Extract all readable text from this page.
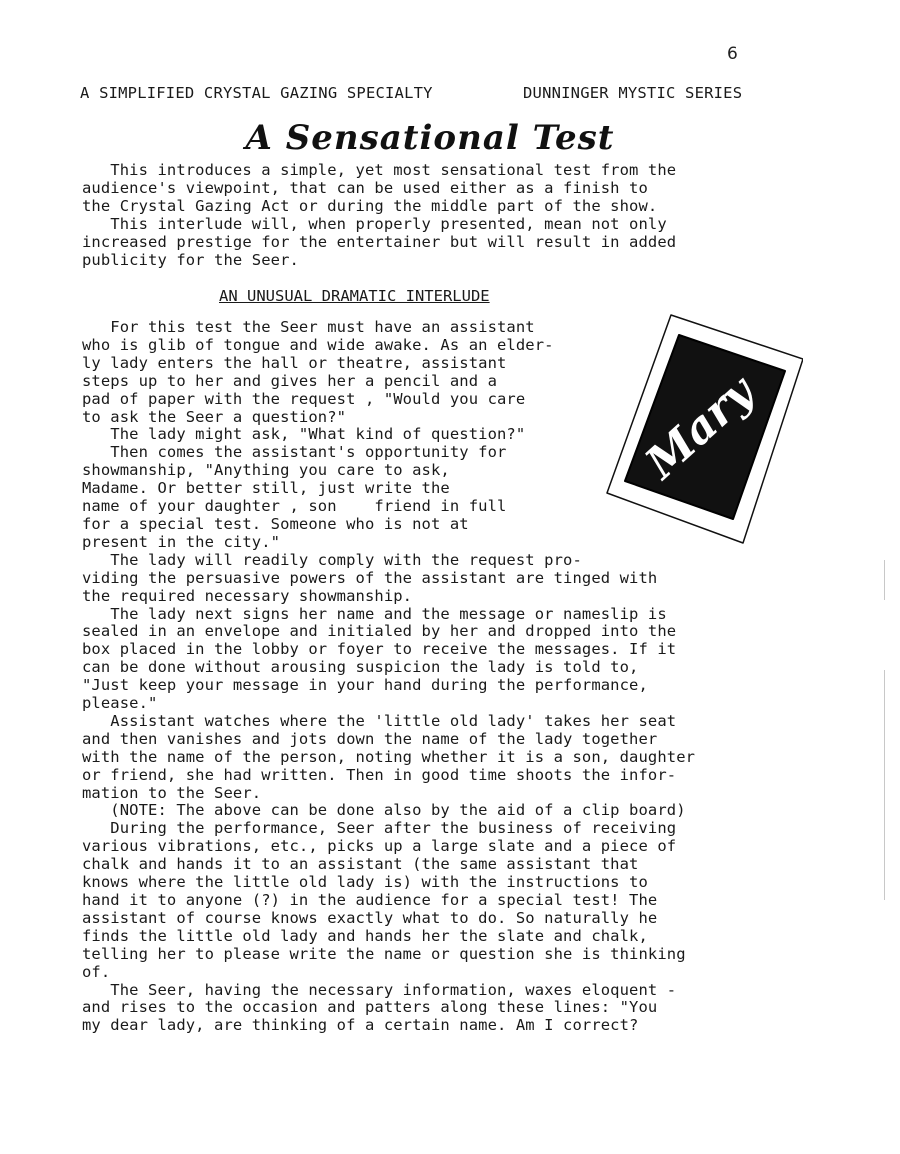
6
A SIMPLIFIED CRYSTAL GAZING SPECIALTY	DUNNINGER MYSTIC SERIES
A Sensational Test
This introduces a simple, yet most sensational test from the
audience's viewpoint, that can be used either as a finish to
the Crystal Gazing Act or during the middle part of the show.
This interlude will, when properly presented, mean not only
increased prestige for the entertainer but will result in added
publicity for the Seer.
AN UNUSUAL DRAMATIC INTERLUDE
For this test the Seer must have an assistant
who is glib of tongue and wide awake. As an elder-
ly lady enters the hall or theatre, assistant
steps up to her and gives her a pencil and a
pad of paper with the request , "Would you care
to ask the Seer a question?"
The lady might ask, "What kind of question?"
Then comes the assistant's opportunity for
showmanship, "Anything you care to ask,
Madame. Or better still, just write the
name of your daughter , son    friend in full
for a special test. Someone who is not at
present in the city."
The lady will readily comply with the request pro-
viding the persuasive powers of the assistant are tinged with
the required necessary showmanship.
The lady next signs her name and the message or nameslip is
sealed in an envelope and initialed by her and dropped into the
box placed in the lobby or foyer to receive the messages. If it
can be done without arousing suspicion the lady is told to,
"Just keep your message in your hand during the performance,
please."
Assistant watches where the 'little old lady' takes her seat
and then vanishes and jots down the name of the lady together
with the name of the person, noting whether it is a son, daughter
or friend, she had written. Then in good time shoots the infor-
mation to the Seer.
(NOTE: The above can be done also by the aid of a clip board)
During the performance, Seer after the business of receiving
various vibrations, etc., picks up a large slate and a piece of
chalk and hands it to an assistant (the same assistant that
knows where the little old lady is) with the instructions to
hand it to anyone (?) in the audience for a special test! The
assistant of course knows exactly what to do. So naturally he
finds the little old lady and hands her the slate and chalk,
telling her to please write the name or question she is thinking
of.
The Seer, having the necessary information, waxes eloquent -
and rises to the occasion and patters along these lines: "You
my dear lady, are thinking of a certain name. Am I correct?
Mary
